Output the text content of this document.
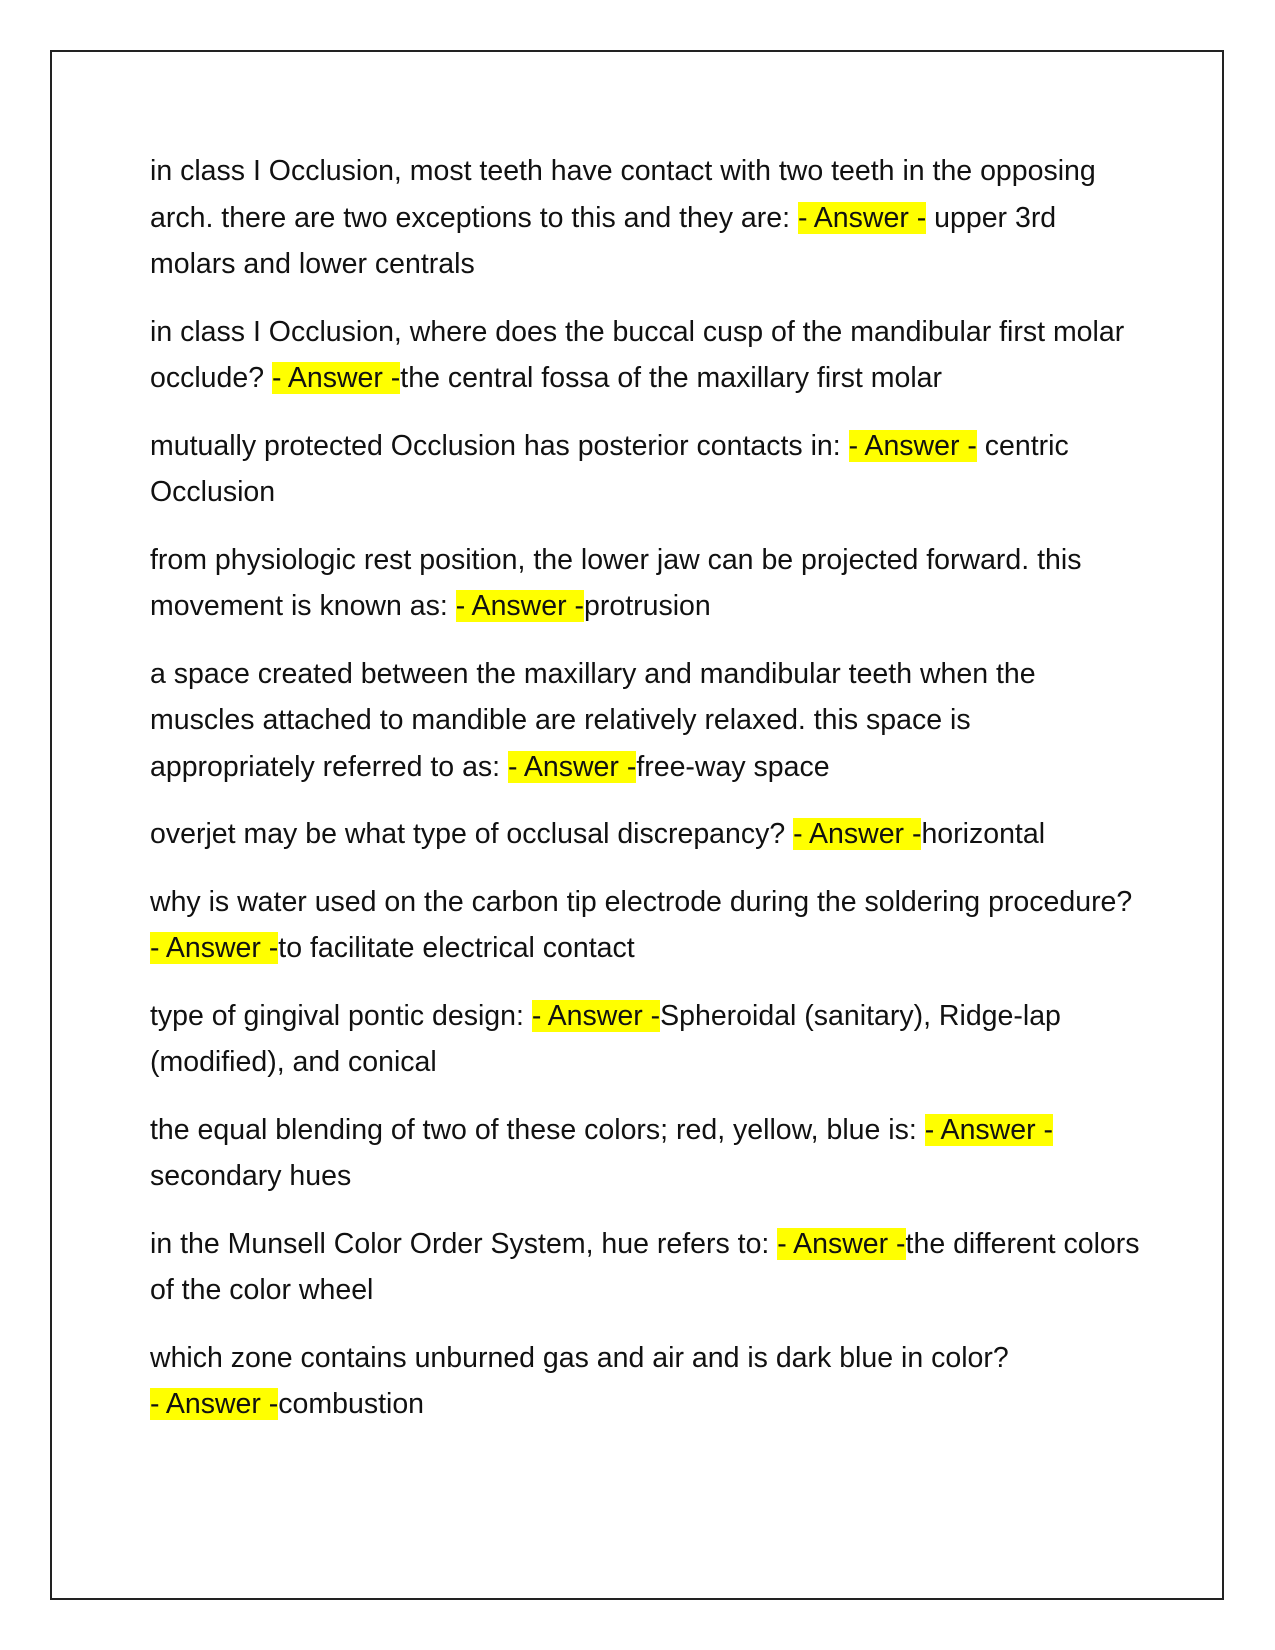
in class I Occlusion, most teeth have contact with two teeth in the opposing arch. there are two exceptions to this and they are: - Answer - upper 3rd molars and lower centrals

in class I Occlusion, where does the buccal cusp of the mandibular first molar occlude? - Answer -the central fossa of the maxillary first molar

mutually protected Occlusion has posterior contacts in: - Answer - centric Occlusion

from physiologic rest position, the lower jaw can be projected forward. this movement is known as: - Answer -protrusion

a space created between the maxillary and mandibular teeth when the muscles attached to mandible are relatively relaxed. this space is appropriately referred to as: - Answer -free-way space

overjet may be what type of occlusal discrepancy? - Answer -horizontal

why is water used on the carbon tip electrode during the soldering procedure? - Answer -to facilitate electrical contact

type of gingival pontic design: - Answer -Spheroidal (sanitary), Ridge-lap (modified), and conical

the equal blending of two of these colors; red, yellow, blue is: - Answer - secondary hues

in the Munsell Color Order System, hue refers to: - Answer -the different colors of the color wheel

which zone contains unburned gas and air and is dark blue in color? - Answer -combustion
